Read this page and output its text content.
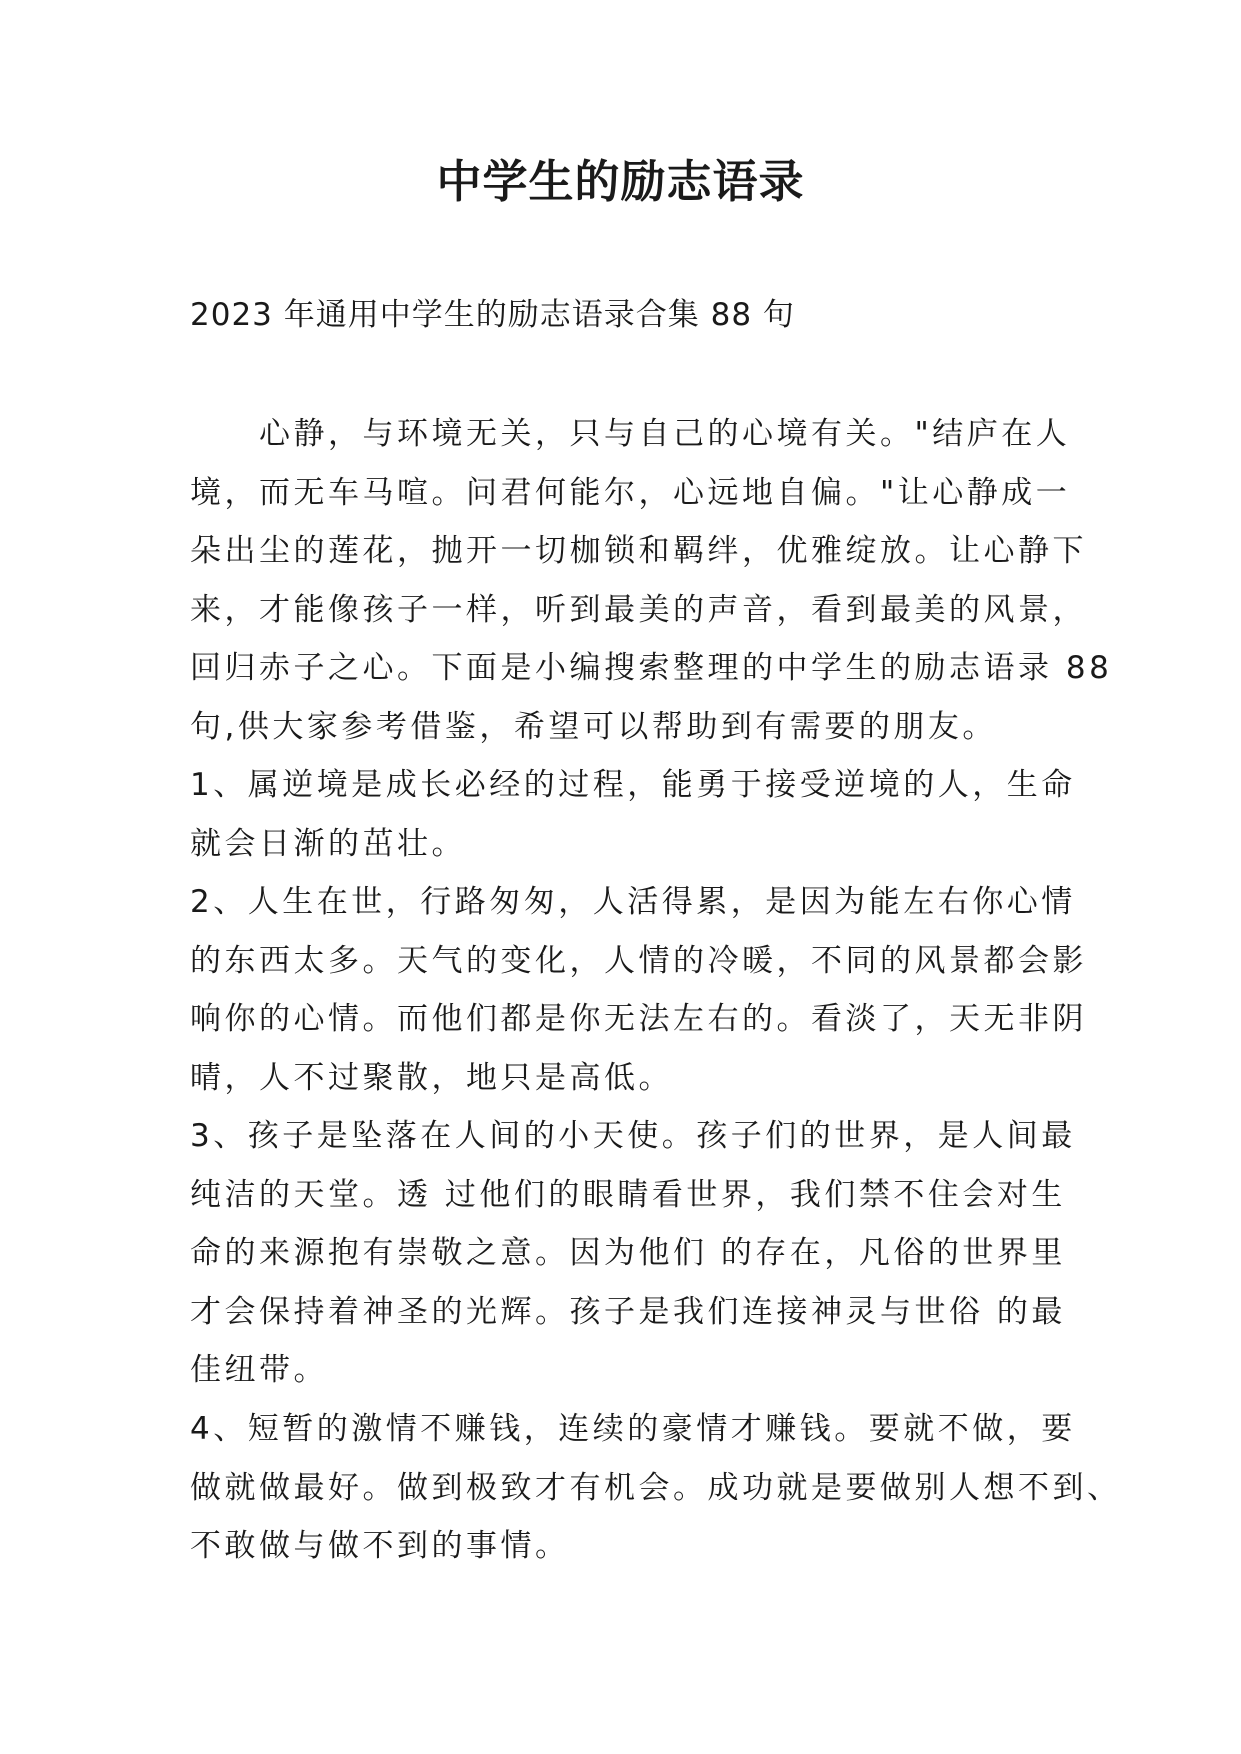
中学生的励志语录
2023 年通用中学生的励志语录合集 88 句
　　心静，与环境无关，只与自己的心境有关。"结庐在人
境，而无车马喧。问君何能尔，心远地自偏。"让心静成一
朵出尘的莲花，抛开一切枷锁和羁绊，优雅绽放。让心静下
来，才能像孩子一样，听到最美的声音，看到最美的风景，
回归赤子之心。下面是小编搜索整理的中学生的励志语录 88
句,供大家参考借鉴，希望可以帮助到有需要的朋友。
1、属逆境是成长必经的过程，能勇于接受逆境的人，生命
就会日渐的茁壮。
2、人生在世，行路匆匆，人活得累，是因为能左右你心情
的东西太多。天气的变化，人情的冷暖，不同的风景都会影
响你的心情。而他们都是你无法左右的。看淡了，天无非阴
晴，人不过聚散，地只是高低。
3、孩子是坠落在人间的小天使。孩子们的世界，是人间最
纯洁的天堂。透 过他们的眼睛看世界，我们禁不住会对生
命的来源抱有崇敬之意。因为他们 的存在，凡俗的世界里
才会保持着神圣的光辉。孩子是我们连接神灵与世俗 的最
佳纽带。
4、短暂的激情不赚钱，连续的豪情才赚钱。要就不做，要
做就做最好。做到极致才有机会。成功就是要做别人想不到、
不敢做与做不到的事情。
